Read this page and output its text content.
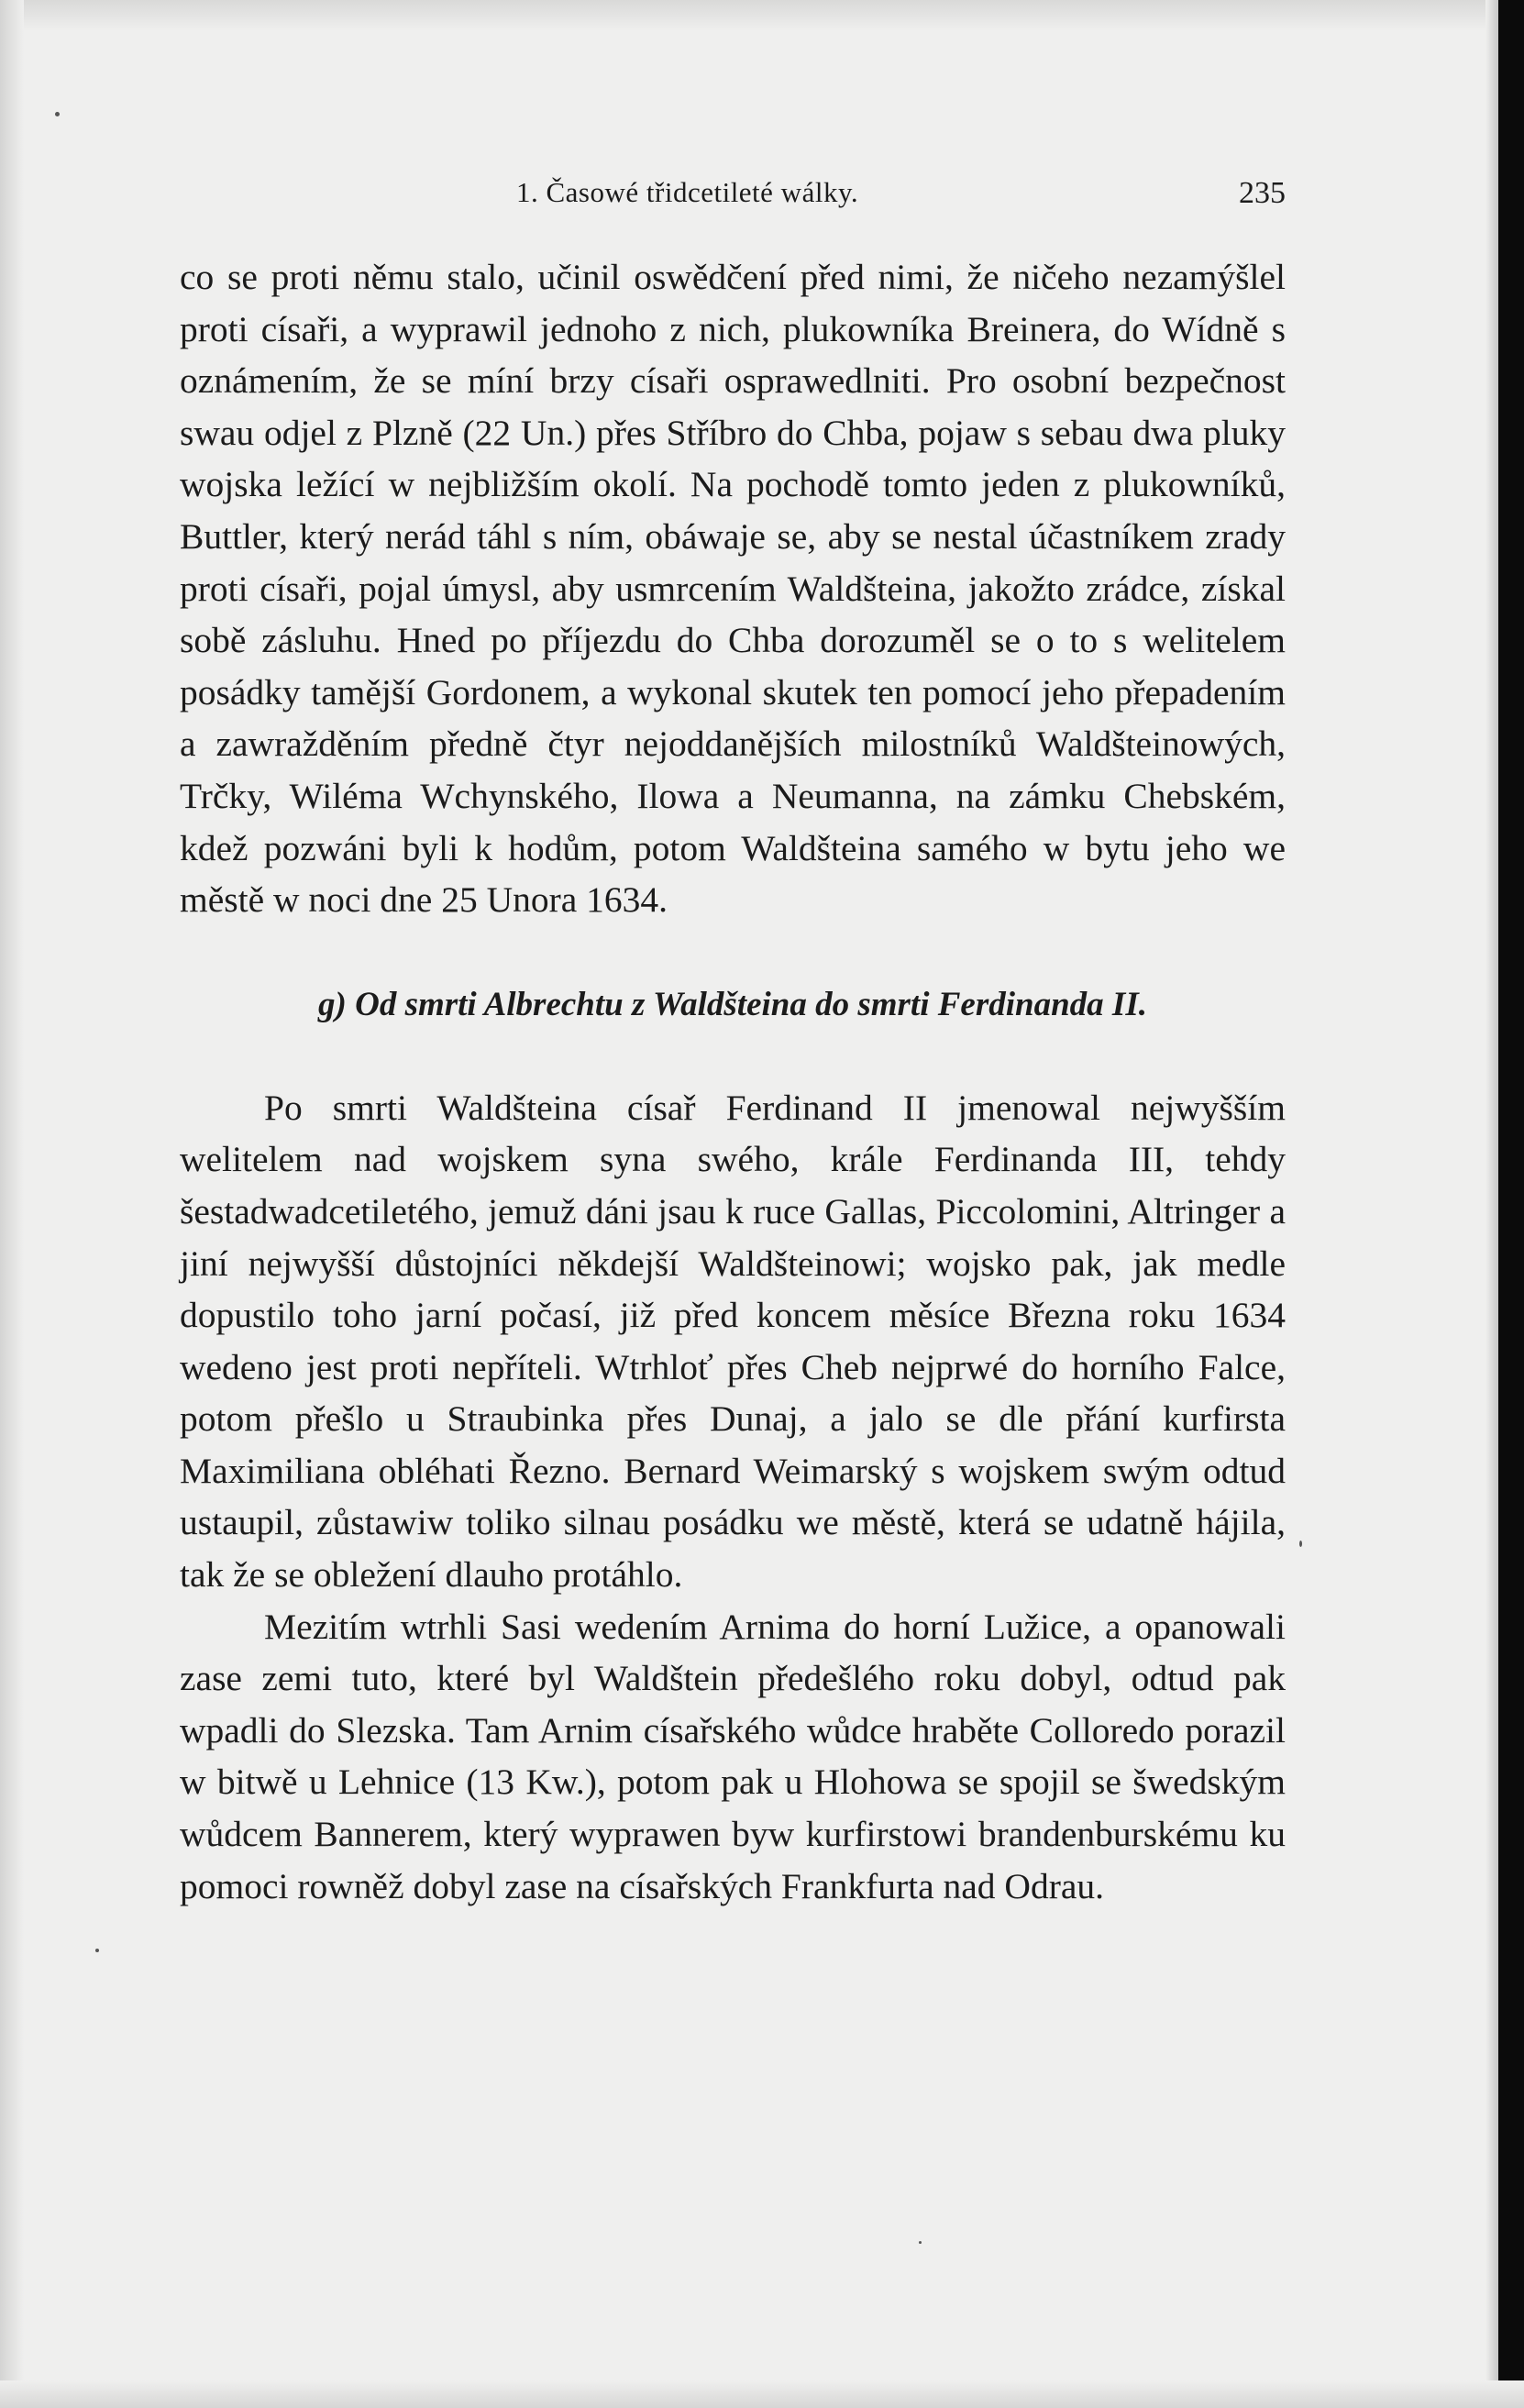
1. Časowé třidcetileté wálky.	235

co se proti němu stalo, učinil oswědčení před nimi, že ničeho nezamýšlel proti císaři, a wyprawil jednoho z nich, plukowníka Breinera, do Wídně s oznámením, že se míní brzy císaři osprawedlniti. Pro osobní bezpečnost swau odjel z Plzně (22 Un.) přes Stříbro do Chba, pojaw s sebau dwa pluky wojska ležící w nejbližším okolí. Na pochodě tomto jeden z plukowníků, Buttler, který nerád táhl s ním, obáwaje se, aby se nestal účastníkem zrady proti císaři, pojal úmysl, aby usmrcením Waldšteina, jakožto zrádce, získal sobě zásluhu. Hned po příjezdu do Chba dorozuměl se o to s welitelem posádky tamější Gordonem, a wykonal skutek ten pomocí jeho přepadením a zawražděním předně čtyr nejoddanějších milostníků Waldšteinowých, Trčky, Wiléma Wchynského, Ilowa a Neumanna, na zámku Chebském, kdež pozwáni byli k hodům, potom Waldšteina samého w bytu jeho we městě w noci dne 25 Unora 1634.

g) Od smrti Albrechtu z Waldšteina do smrti Ferdinanda II.

Po smrti Waldšteina císař Ferdinand II jmenowal nejwyšším welitelem nad wojskem syna swého, krále Ferdinanda III, tehdy šestadwadcetiletého, jemuž dáni jsau k ruce Gallas, Piccolomini, Altringer a jiní nejwyšší důstojníci někdejší Waldšteinowi; wojsko pak, jak medle dopustilo toho jarní počasí, již před koncem měsíce Března roku 1634 wedeno jest proti nepříteli. Wtrhloť přes Cheb nejprwé do horního Falce, potom přešlo u Straubinka přes Dunaj, a jalo se dle přání kurfirsta Maximiliana obléhati Řezno. Bernard Weimarský s wojskem swým odtud ustaupil, zůstawiw toliko silnau posádku we městě, která se udatně hájila, tak že se obležení dlauho protáhlo.

Mezitím wtrhli Sasi wedením Arnima do horní Lužice, a opanowali zase zemi tuto, které byl Waldštein předešlého roku dobyl, odtud pak wpadli do Slezska. Tam Arnim císařského wůdce hraběte Colloredo porazil w bitwě u Lehnice (13 Kw.), potom pak u Hlohowa se spojil se šwedským wůdcem Bannerem, který wyprawen byw kurfirstowi brandenburskému ku pomoci rowněž dobyl zase na císařských Frankfurta nad Odrau.
